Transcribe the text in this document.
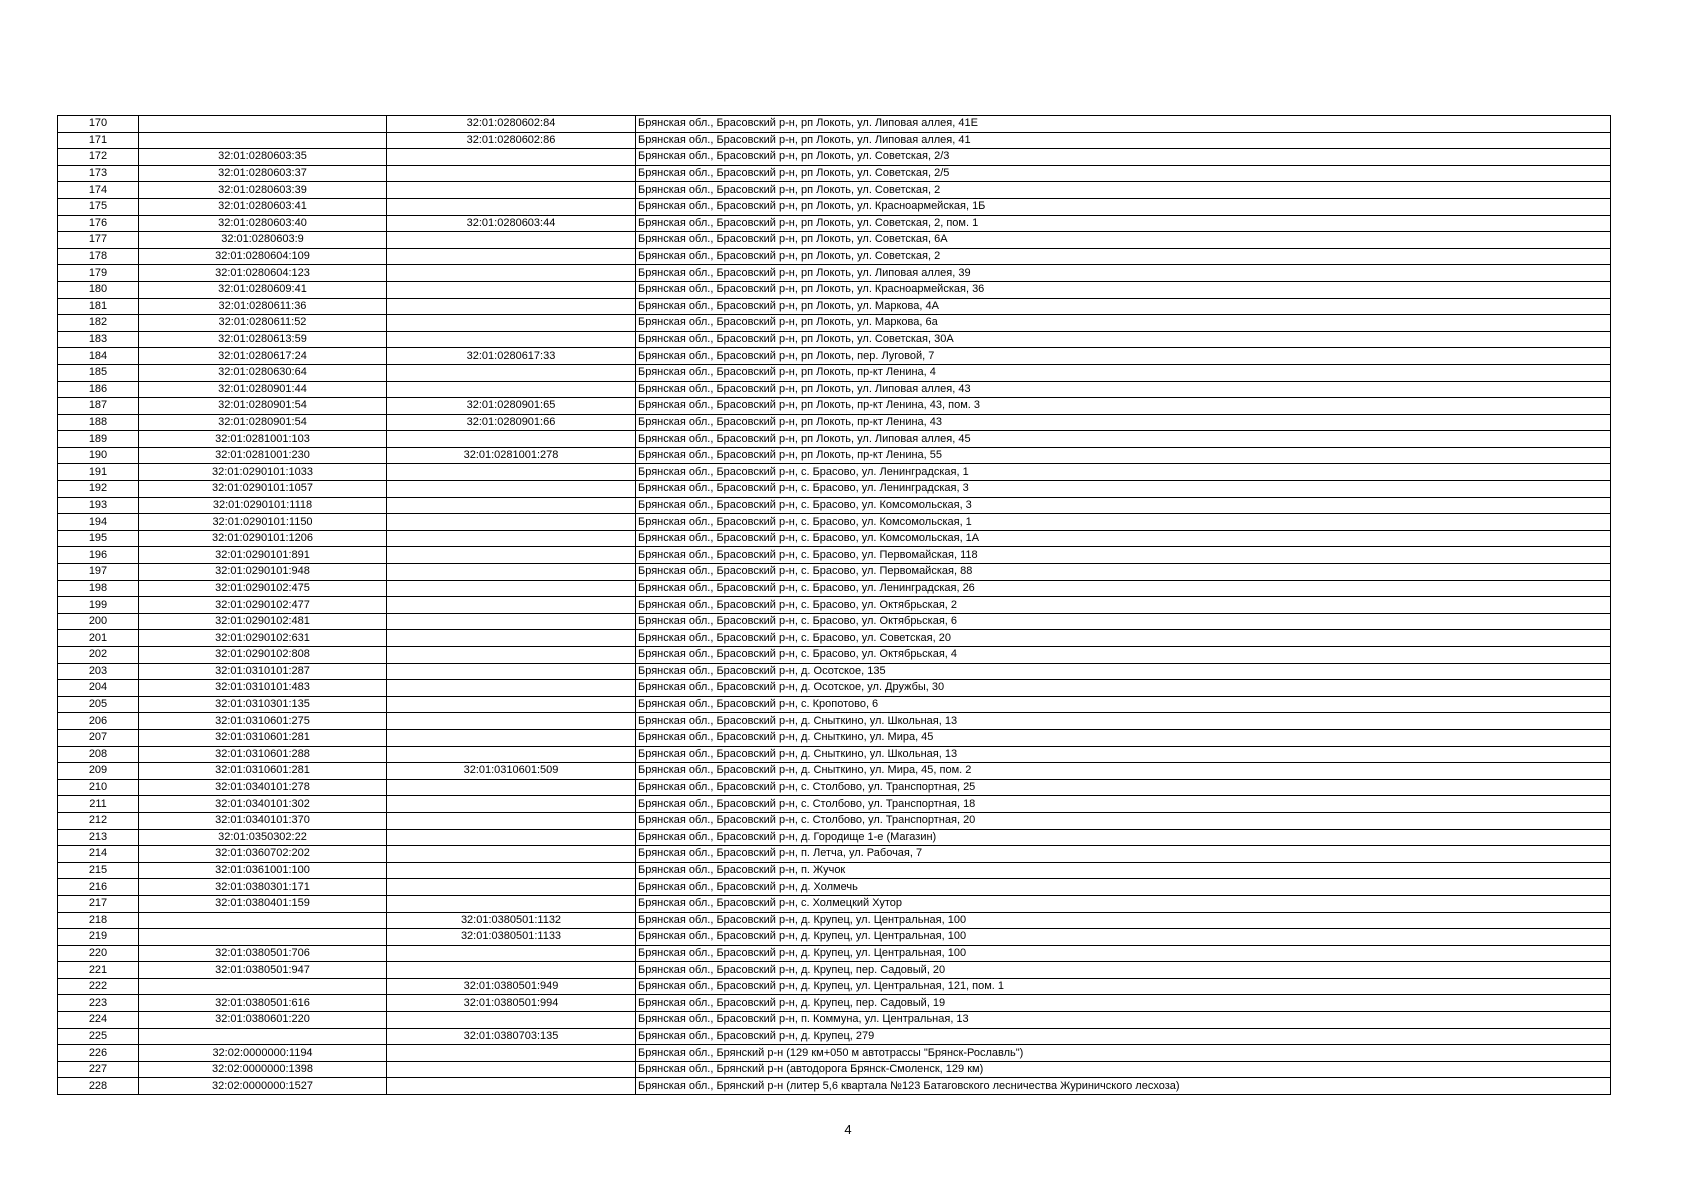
170		32:01:0280602:84	Брянская обл., Брасовский р-н, рп Локоть, ул. Липовая аллея, 41Е
171		32:01:0280602:86	Брянская обл., Брасовский р-н, рп Локоть, ул. Липовая аллея, 41
172	32:01:0280603:35		Брянская обл., Брасовский р-н, рп Локоть, ул. Советская, 2/3
173	32:01:0280603:37		Брянская обл., Брасовский р-н, рп Локоть, ул. Советская, 2/5
174	32:01:0280603:39		Брянская обл., Брасовский р-н, рп Локоть, ул. Советская, 2
175	32:01:0280603:41		Брянская обл., Брасовский р-н, рп Локоть, ул. Красноармейская, 1Б
176	32:01:0280603:40	32:01:0280603:44	Брянская обл., Брасовский р-н, рп Локоть, ул. Советская, 2, пом. 1
177	32:01:0280603:9		Брянская обл., Брасовский р-н, рп Локоть, ул. Советская, 6А
178	32:01:0280604:109		Брянская обл., Брасовский р-н, рп Локоть, ул. Советская, 2
179	32:01:0280604:123		Брянская обл., Брасовский р-н, рп Локоть, ул. Липовая аллея, 39
180	32:01:0280609:41		Брянская обл., Брасовский р-н, рп Локоть, ул. Красноармейская, 36
181	32:01:0280611:36		Брянская обл., Брасовский р-н, рп Локоть, ул. Маркова, 4А
182	32:01:0280611:52		Брянская обл., Брасовский р-н, рп Локоть, ул. Маркова, 6а
183	32:01:0280613:59		Брянская обл., Брасовский р-н, рп Локоть, ул. Советская, 30А
184	32:01:0280617:24	32:01:0280617:33	Брянская обл., Брасовский р-н, рп Локоть, пер. Луговой, 7
185	32:01:0280630:64		Брянская обл., Брасовский р-н, рп Локоть, пр-кт Ленина, 4
186	32:01:0280901:44		Брянская обл., Брасовский р-н, рп Локоть, ул. Липовая аллея, 43
187	32:01:0280901:54	32:01:0280901:65	Брянская обл., Брасовский р-н, рп Локоть, пр-кт Ленина, 43, пом. 3
188	32:01:0280901:54	32:01:0280901:66	Брянская обл., Брасовский р-н, рп Локоть, пр-кт Ленина, 43
189	32:01:0281001:103		Брянская обл., Брасовский р-н, рп Локоть, ул. Липовая аллея, 45
190	32:01:0281001:230	32:01:0281001:278	Брянская обл., Брасовский р-н, рп Локоть, пр-кт Ленина, 55
191	32:01:0290101:1033		Брянская обл., Брасовский р-н, с. Брасово, ул. Ленинградская, 1
192	32:01:0290101:1057		Брянская обл., Брасовский р-н, с. Брасово, ул. Ленинградская, 3
193	32:01:0290101:1118		Брянская обл., Брасовский р-н, с. Брасово, ул. Комсомольская, 3
194	32:01:0290101:1150		Брянская обл., Брасовский р-н, с. Брасово, ул. Комсомольская, 1
195	32:01:0290101:1206		Брянская обл., Брасовский р-н, с. Брасово, ул. Комсомольская, 1А
196	32:01:0290101:891		Брянская обл., Брасовский р-н, с. Брасово, ул. Первомайская, 118
197	32:01:0290101:948		Брянская обл., Брасовский р-н, с. Брасово, ул. Первомайская, 88
198	32:01:0290102:475		Брянская обл., Брасовский р-н, с. Брасово, ул. Ленинградская, 26
199	32:01:0290102:477		Брянская обл., Брасовский р-н, с. Брасово, ул. Октябрьская, 2
200	32:01:0290102:481		Брянская обл., Брасовский р-н, с. Брасово, ул. Октябрьская, 6
201	32:01:0290102:631		Брянская обл., Брасовский р-н, с. Брасово, ул. Советская, 20
202	32:01:0290102:808		Брянская обл., Брасовский р-н, с. Брасово, ул. Октябрьская, 4
203	32:01:0310101:287		Брянская обл., Брасовский р-н, д. Осотское, 135
204	32:01:0310101:483		Брянская обл., Брасовский р-н, д. Осотское, ул. Дружбы, 30
205	32:01:0310301:135		Брянская обл., Брасовский р-н, с. Кропотово, 6
206	32:01:0310601:275		Брянская обл., Брасовский р-н, д. Сныткино, ул. Школьная, 13
207	32:01:0310601:281		Брянская обл., Брасовский р-н, д. Сныткино, ул. Мира, 45
208	32:01:0310601:288		Брянская обл., Брасовский р-н, д. Сныткино, ул. Школьная, 13
209	32:01:0310601:281	32:01:0310601:509	Брянская обл., Брасовский р-н, д. Сныткино, ул. Мира, 45, пом. 2
210	32:01:0340101:278		Брянская обл., Брасовский р-н, с. Столбово, ул. Транспортная, 25
211	32:01:0340101:302		Брянская обл., Брасовский р-н, с. Столбово, ул. Транспортная, 18
212	32:01:0340101:370		Брянская обл., Брасовский р-н, с. Столбово, ул. Транспортная, 20
213	32:01:0350302:22		Брянская обл., Брасовский р-н, д. Городище 1-е (Магазин)
214	32:01:0360702:202		Брянская обл., Брасовский р-н, п. Летча, ул. Рабочая, 7
215	32:01:0361001:100		Брянская обл., Брасовский р-н, п. Жучок
216	32:01:0380301:171		Брянская обл., Брасовский р-н, д. Холмечь
217	32:01:0380401:159		Брянская обл., Брасовский р-н, с. Холмецкий Хутор
218		32:01:0380501:1132	Брянская обл., Брасовский р-н, д. Крупец, ул. Центральная, 100
219		32:01:0380501:1133	Брянская обл., Брасовский р-н, д. Крупец, ул. Центральная, 100
220	32:01:0380501:706		Брянская обл., Брасовский р-н, д. Крупец, ул. Центральная, 100
221	32:01:0380501:947		Брянская обл., Брасовский р-н, д. Крупец, пер. Садовый, 20
222		32:01:0380501:949	Брянская обл., Брасовский р-н, д. Крупец, ул. Центральная, 121, пом. 1
223	32:01:0380501:616	32:01:0380501:994	Брянская обл., Брасовский р-н, д. Крупец, пер. Садовый, 19
224	32:01:0380601:220		Брянская обл., Брасовский р-н, п. Коммуна, ул. Центральная, 13
225		32:01:0380703:135	Брянская обл., Брасовский р-н, д. Крупец, 279
226	32:02:0000000:1194		Брянская обл., Брянский р-н (129 км+050 м автотрассы "Брянск-Рославль")
227	32:02:0000000:1398		Брянская обл., Брянский р-н (автодорога Брянск-Смоленск, 129 км)
228	32:02:0000000:1527		Брянская обл., Брянский р-н (литер 5,6 квартала №123 Батаговского лесничества Журиничского лесхоза)
4
